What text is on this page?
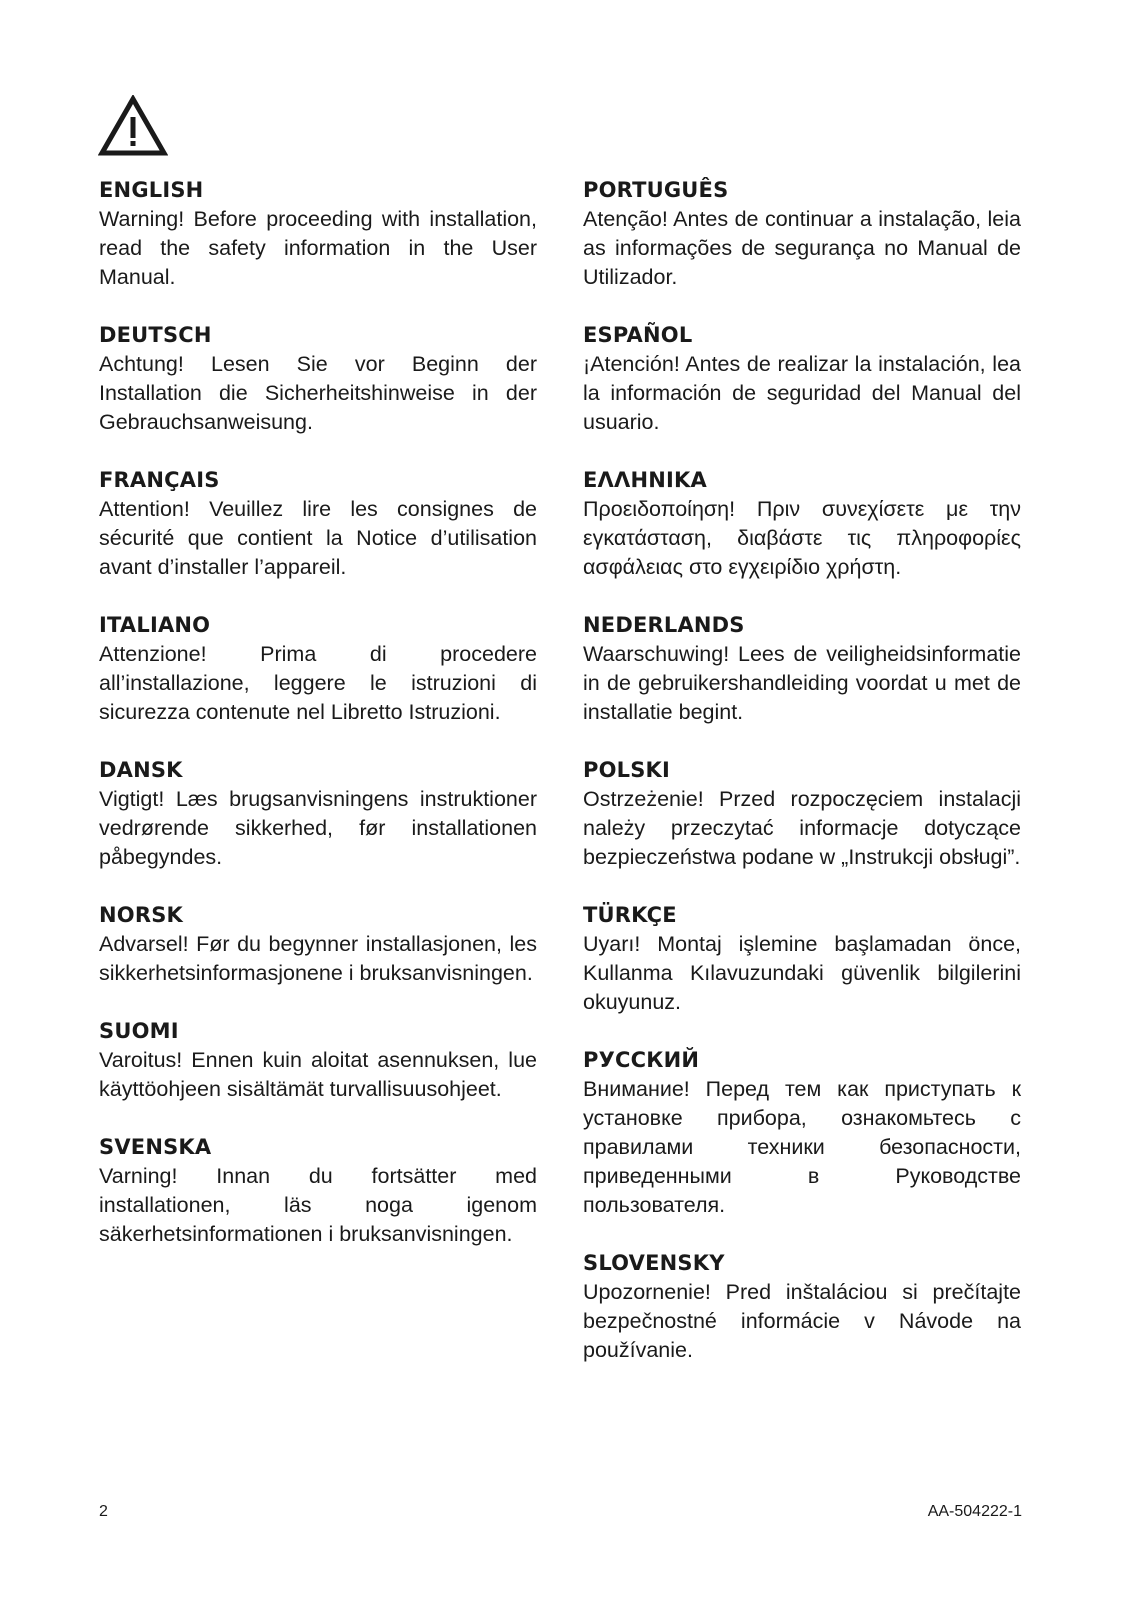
ENGLISH

Warning! Before proceeding with installation, read the safety information in the User Manual.

DEUTSCH

Achtung! Lesen Sie vor Beginn der Installation die Sicherheitshinweise in der Gebrauchsanweisung.

FRANÇAIS

Attention! Veuillez lire les consignes de sécurité que contient la Notice d’utilisation avant d’installer l’appareil.

ITALIANO

Attenzione! Prima di procedere all’installazione, leggere le istruzioni di sicurezza contenute nel Libretto Istruzioni.

DANSK

Vigtigt! Læs brugsanvisningens instruktioner vedrørende sikkerhed, før installationen påbegyndes.

NORSK

Advarsel! Før du begynner installasjonen, les sikkerhetsinformasjonene i bruksanvisningen.

SUOMI

Varoitus! Ennen kuin aloitat asennuksen, lue käyttöohjeen sisältämät turvallisuusohjeet.

SVENSKA

Varning! Innan du fortsätter med installationen, läs noga igenom säkerhetsinformationen i bruksanvisningen.

PORTUGUÊS

Atenção! Antes de continuar a instalação, leia as informações de segurança no Manual de Utilizador.

ESPAÑOL

¡Atención! Antes de realizar la instalación, lea la información de seguridad del Manual del usuario.

ΕΛΛΗΝΙΚΑ

Προειδοποίηση! Πριν συνεχίσετε με την εγκατάσταση, διαβάστε τις πληροφορίες ασφάλειας στο εγχειρίδιο χρήστη.

NEDERLANDS

Waarschuwing! Lees de veiligheidsinformatie in de gebruikershandleiding voordat u met de installatie begint.

POLSKI

Ostrzeżenie! Przed rozpoczęciem instalacji należy przeczytać informacje dotyczące bezpieczeństwa podane w „Instrukcji obsługi”.

TÜRKÇE

Uyarı! Montaj işlemine başlamadan önce, Kullanma Kılavuzundaki güvenlik bilgilerini okuyunuz.

РУССКИЙ

Внимание! Перед тем как приступать к установке прибора, ознакомьтесь с правилами техники безопасности, приведенными в Руководстве пользователя.

SLOVENSKY

Upozornenie! Pred inštaláciou si prečítajte bezpečnostné informácie v Návode na používanie.

2	AA-504222-1
